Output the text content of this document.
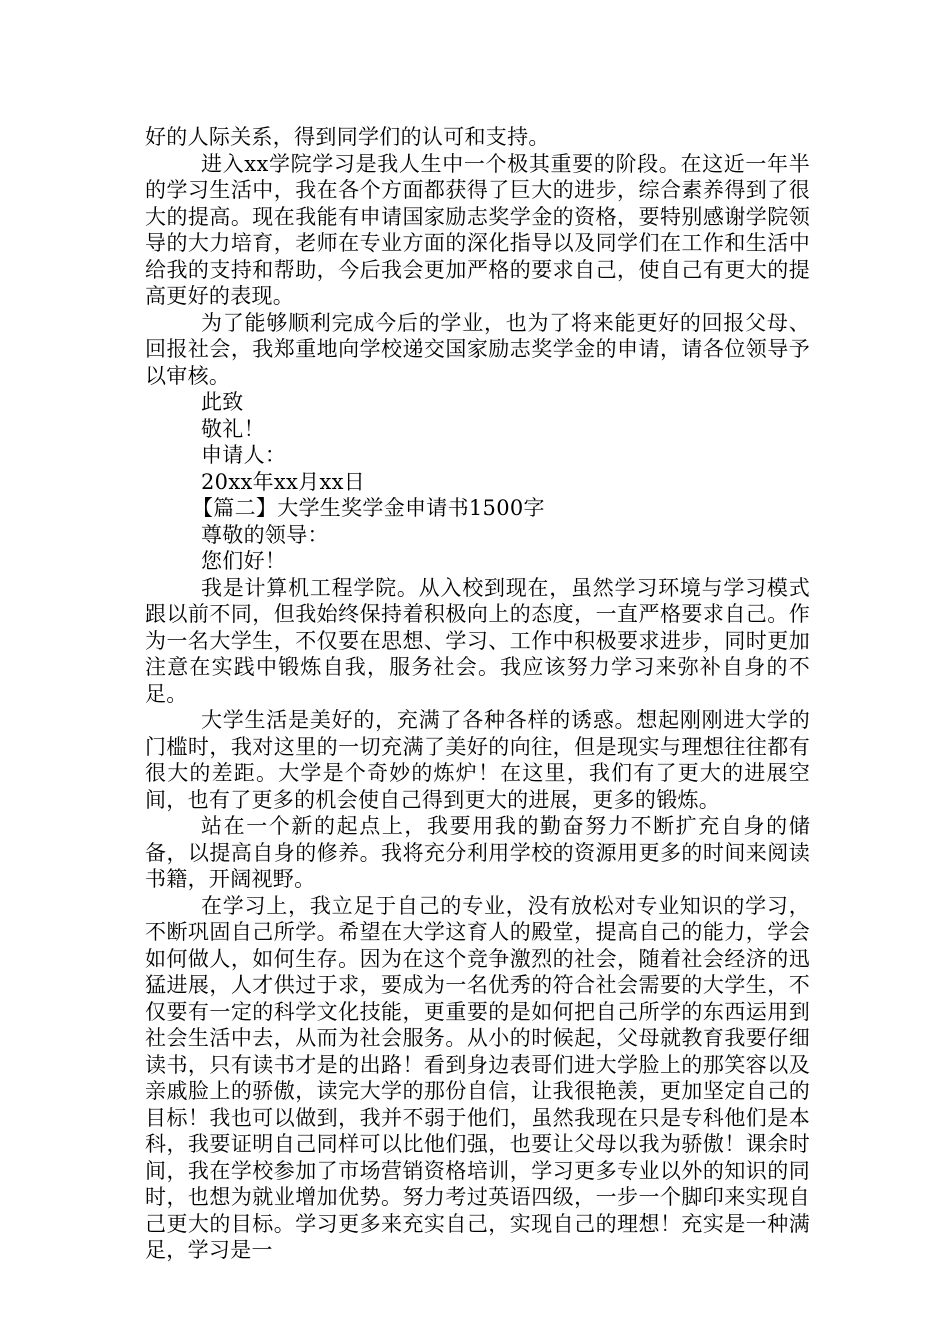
好的人际关系，得到同学们的认可和支持。

进入xx学院学习是我人生中一个极其重要的阶段。在这近一年半的学习生活中，我在各个方面都获得了巨大的进步，综合素养得到了很大的提高。现在我能有申请国家励志奖学金的资格，要特别感谢学院领导的大力培育，老师在专业方面的深化指导以及同学们在工作和生活中给我的支持和帮助，今后我会更加严格的要求自己，使自己有更大的提高更好的表现。

为了能够顺利完成今后的学业，也为了将来能更好的回报父母、回报社会，我郑重地向学校递交国家励志奖学金的申请，请各位领导予以审核。

此致

敬礼！

申请人：

20xx年xx月xx日

【篇二】大学生奖学金申请书1500字

尊敬的领导：

您们好！

我是计算机工程学院。从入校到现在，虽然学习环境与学习模式跟以前不同，但我始终保持着积极向上的态度，一直严格要求自己。作为一名大学生，不仅要在思想、学习、工作中积极要求进步，同时更加注意在实践中锻炼自我，服务社会。我应该努力学习来弥补自身的不足。

大学生活是美好的，充满了各种各样的诱惑。想起刚刚进大学的门槛时，我对这里的一切充满了美好的向往，但是现实与理想往往都有很大的差距。大学是个奇妙的炼炉！在这里，我们有了更大的进展空间，也有了更多的机会使自己得到更大的进展，更多的锻炼。

站在一个新的起点上，我要用我的勤奋努力不断扩充自身的储备，以提高自身的修养。我将充分利用学校的资源用更多的时间来阅读书籍，开阔视野。

在学习上，我立足于自己的专业，没有放松对专业知识的学习，不断巩固自己所学。希望在大学这育人的殿堂，提高自己的能力，学会如何做人，如何生存。因为在这个竞争激烈的社会，随着社会经济的迅猛进展，人才供过于求，要成为一名优秀的符合社会需要的大学生，不仅要有一定的科学文化技能，更重要的是如何把自己所学的东西运用到社会生活中去，从而为社会服务。从小的时候起，父母就教育我要仔细读书，只有读书才是的出路！看到身边表哥们进大学脸上的那笑容以及亲戚脸上的骄傲，读完大学的那份自信，让我很艳羡，更加坚定自己的目标！我也可以做到，我并不弱于他们，虽然我现在只是专科他们是本科，我要证明自己同样可以比他们强，也要让父母以我为骄傲！课余时间，我在学校参加了市场营销资格培训，学习更多专业以外的知识的同时，也想为就业增加优势。努力考过英语四级，一步一个脚印来实现自己更大的目标。学习更多来充实自己，实现自己的理想！充实是一种满足，学习是一
